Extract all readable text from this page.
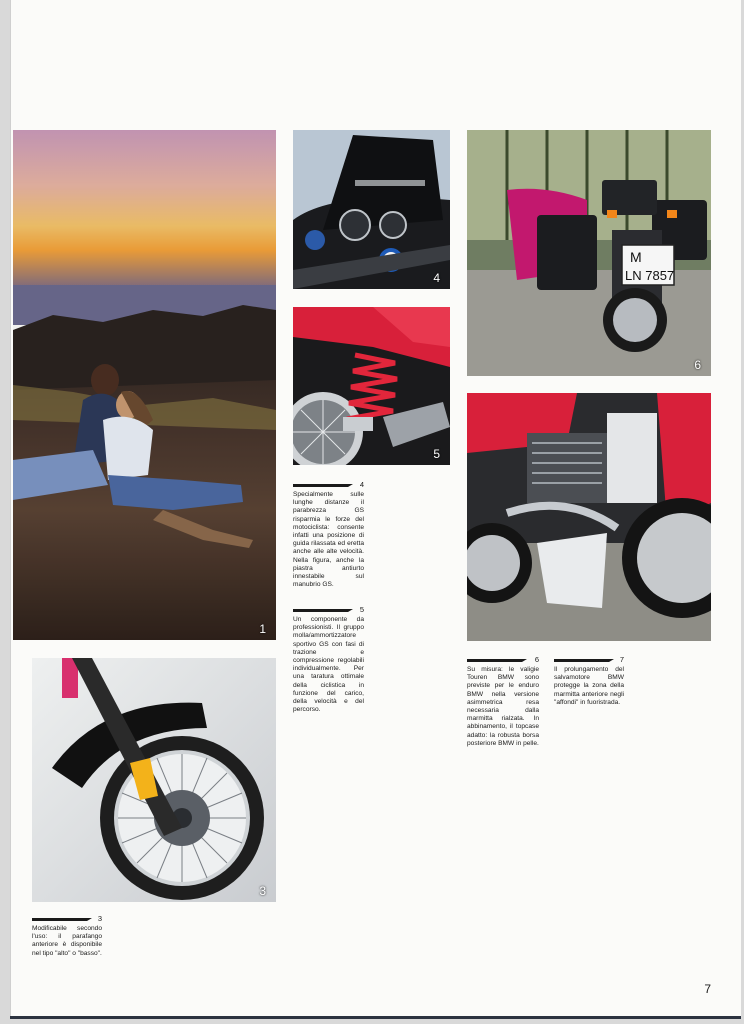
1
3
4
5
M
LN 7857
6
3
Modificabile secondo l'uso: il parafango anteriore è disponibile nel tipo "alto" o "basso".
4
Specialmente sulle lunghe distanze il parabrezza GS risparmia le forze del motociclista: consente infatti una posizione di guida rilassata ed eretta anche alle alte velocità. Nella figura, anche la piastra antiurto innestabile sul manubrio GS.
5
Un componente da professionisti. Il gruppo molla/ammortizzatore sportivo GS con fasi di trazione e compressione regolabili individualmente. Per una taratura ottimale della ciclistica in funzione del carico, della velocità e del percorso.
6
Su misura: le valigie Touren BMW sono previste per le enduro BMW nella versione asimmetrica resa necessaria dalla marmitta rialzata. In abbinamento, il topcase adatto: la robusta borsa posteriore BMW in pelle.
7
Il prolungamento del salvamotore BMW protegge la zona della marmitta anteriore negli "affondi" in fuoristrada.
7
